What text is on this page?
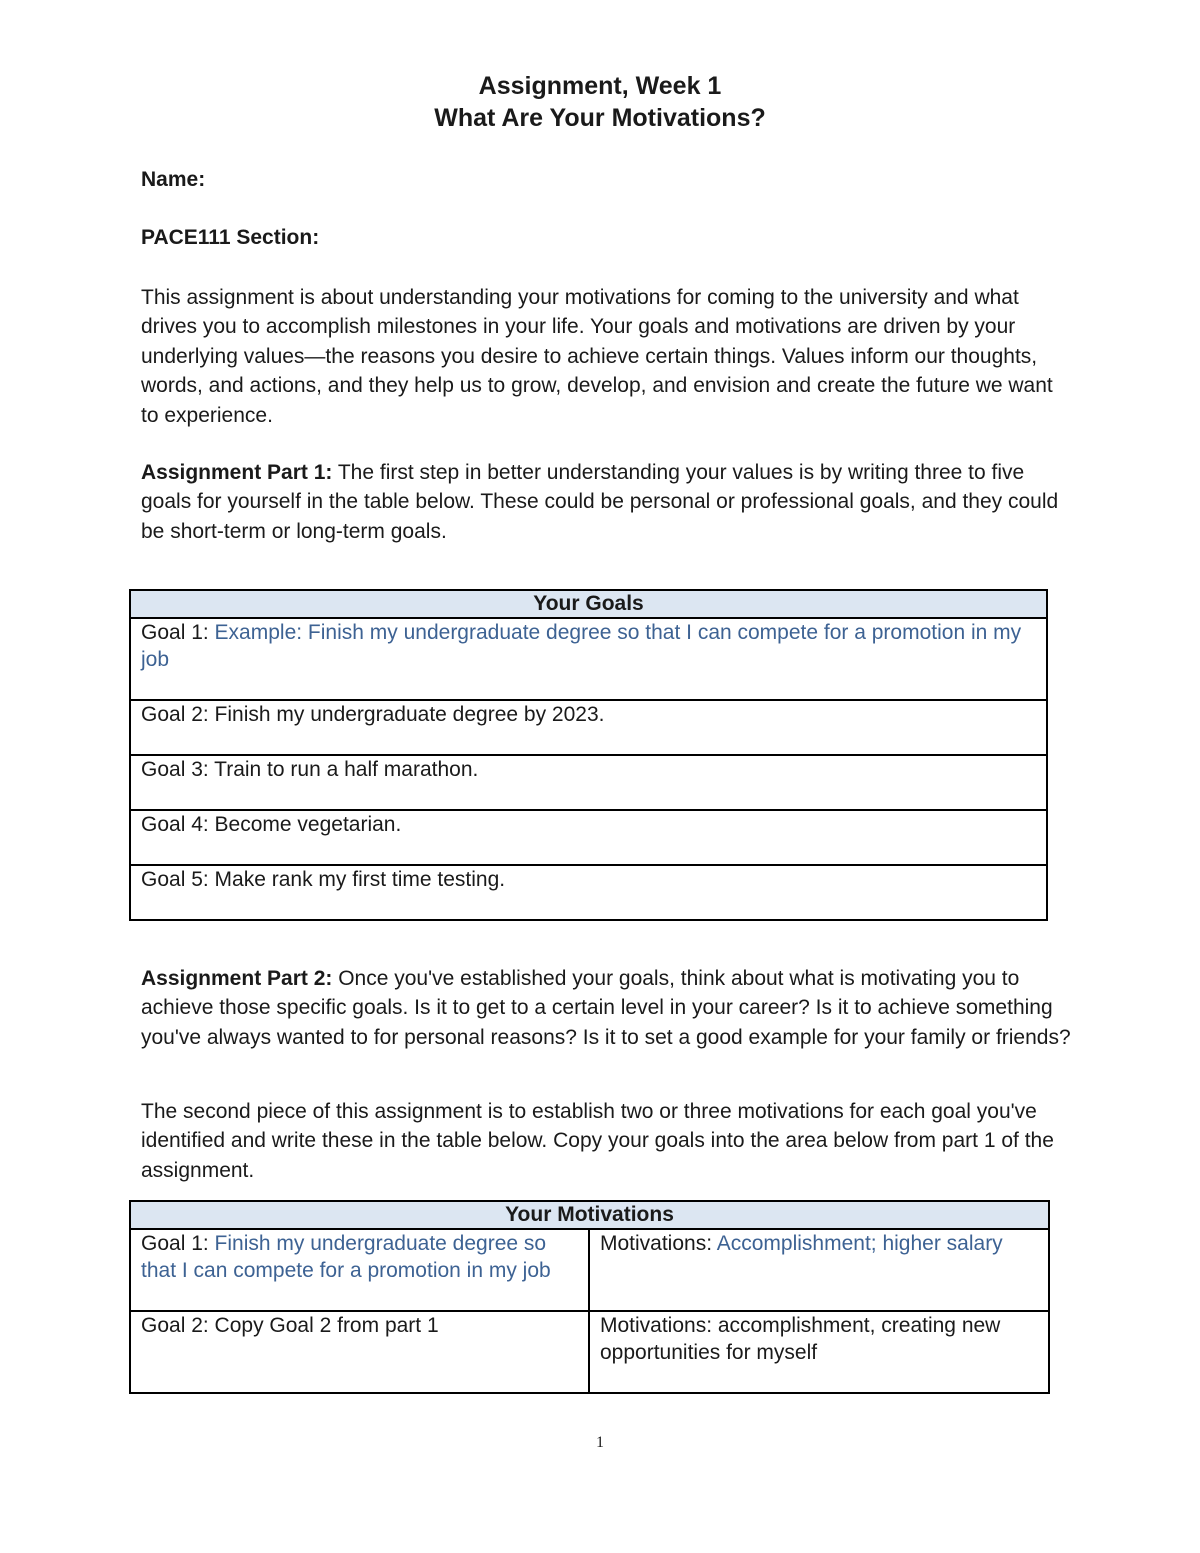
Assignment, Week 1
What Are Your Motivations?
Name:
PACE111 Section:
This assignment is about understanding your motivations for coming to the university and what drives you to accomplish milestones in your life. Your goals and motivations are driven by your underlying values—the reasons you desire to achieve certain things. Values inform our thoughts, words, and actions, and they help us to grow, develop, and envision and create the future we want to experience.
Assignment Part 1: The first step in better understanding your values is by writing three to five goals for yourself in the table below. These could be personal or professional goals, and they could be short-term or long-term goals.
Your Goals
Goal 1: Example: Finish my undergraduate degree so that I can compete for a promotion in my job
Goal 2: Finish my undergraduate degree by 2023.
Goal 3: Train to run a half marathon.
Goal 4: Become vegetarian.
Goal 5: Make rank my first time testing.
Assignment Part 2: Once you've established your goals, think about what is motivating you to achieve those specific goals. Is it to get to a certain level in your career? Is it to achieve something you've always wanted to for personal reasons? Is it to set a good example for your family or friends?
The second piece of this assignment is to establish two or three motivations for each goal you've identified and write these in the table below. Copy your goals into the area below from part 1 of the assignment.
Your Motivations	
Goal 1: Finish my undergraduate degree so that I can compete for a promotion in my job	Motivations: Accomplishment; higher salary
Goal 2: Copy Goal 2 from part 1	Motivations: accomplishment, creating new opportunities for myself
1
